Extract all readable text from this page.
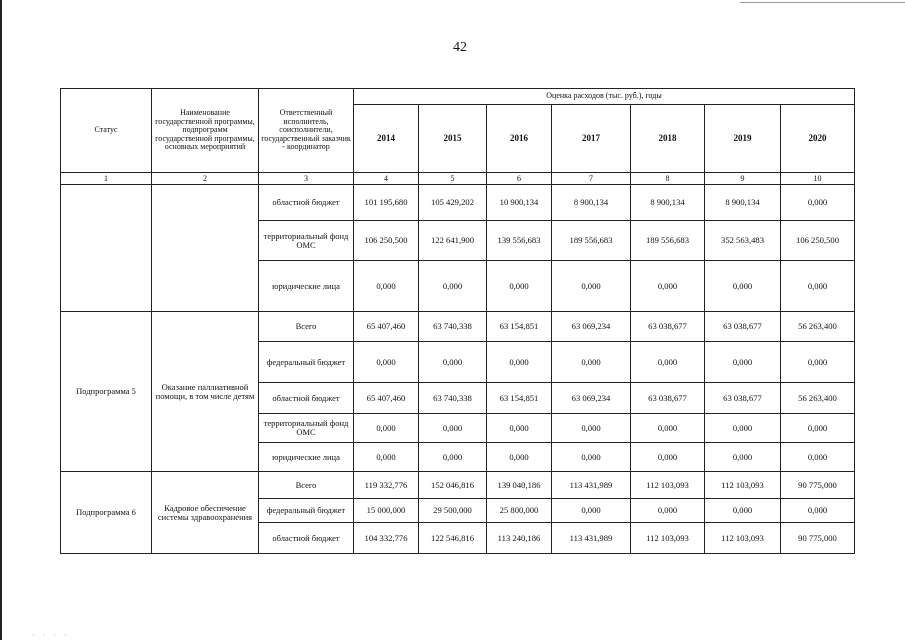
42
Статус	Наименование государственной программы, подпрограмм государственной программы, основных мероприятий	Ответственный исполнитель, соисполнители, государственный заказчик - координатор	Оценка расходов (тыс. руб.), годы						
			2014	2015	2016	2017	2018	2019	2020
1	2	3	4	5	6	7	8	9	10
		областной бюджет	101 195,680	105 429,202	10 900,134	8 900,134	8 900,134	8 900,134	0,000
		территориальный фонд ОМС	106 250,500	122 641,900	139 556,683	189 556,683	189 556,683	352 563,483	106 250,500
		юридические лица	0,000	0,000	0,000	0,000	0,000	0,000	0,000
Подпрограмма 5	Оказание паллиативной помощи, в том числе детям	Всего	65 407,460	63 740,338	63 154,851	63 069,234	63 038,677	63 038,677	56 263,400
		федеральный бюджет	0,000	0,000	0,000	0,000	0,000	0,000	0,000
		областной бюджет	65 407,460	63 740,338	63 154,851	63 069,234	63 038,677	63 038,677	56 263,400
		территориальный фонд ОМС	0,000	0,000	0,000	0,000	0,000	0,000	0,000
		юридические лица	0,000	0,000	0,000	0,000	0,000	0,000	0,000
Подпрограмма 6	Кадровое обеспечение системы здравоохранения	Всего	119 332,776	152 046,816	139 040,186	113 431,989	112 103,093	112 103,093	90 775,000
		федеральный бюджет	15 000,000	29 500,000	25 800,000	0,000	0,000	0,000	0,000
		областной бюджет	104 332,776	122 546,816	113 240,186	113 431,989	112 103,093	112 103,093	90 775,000
· · · ·
